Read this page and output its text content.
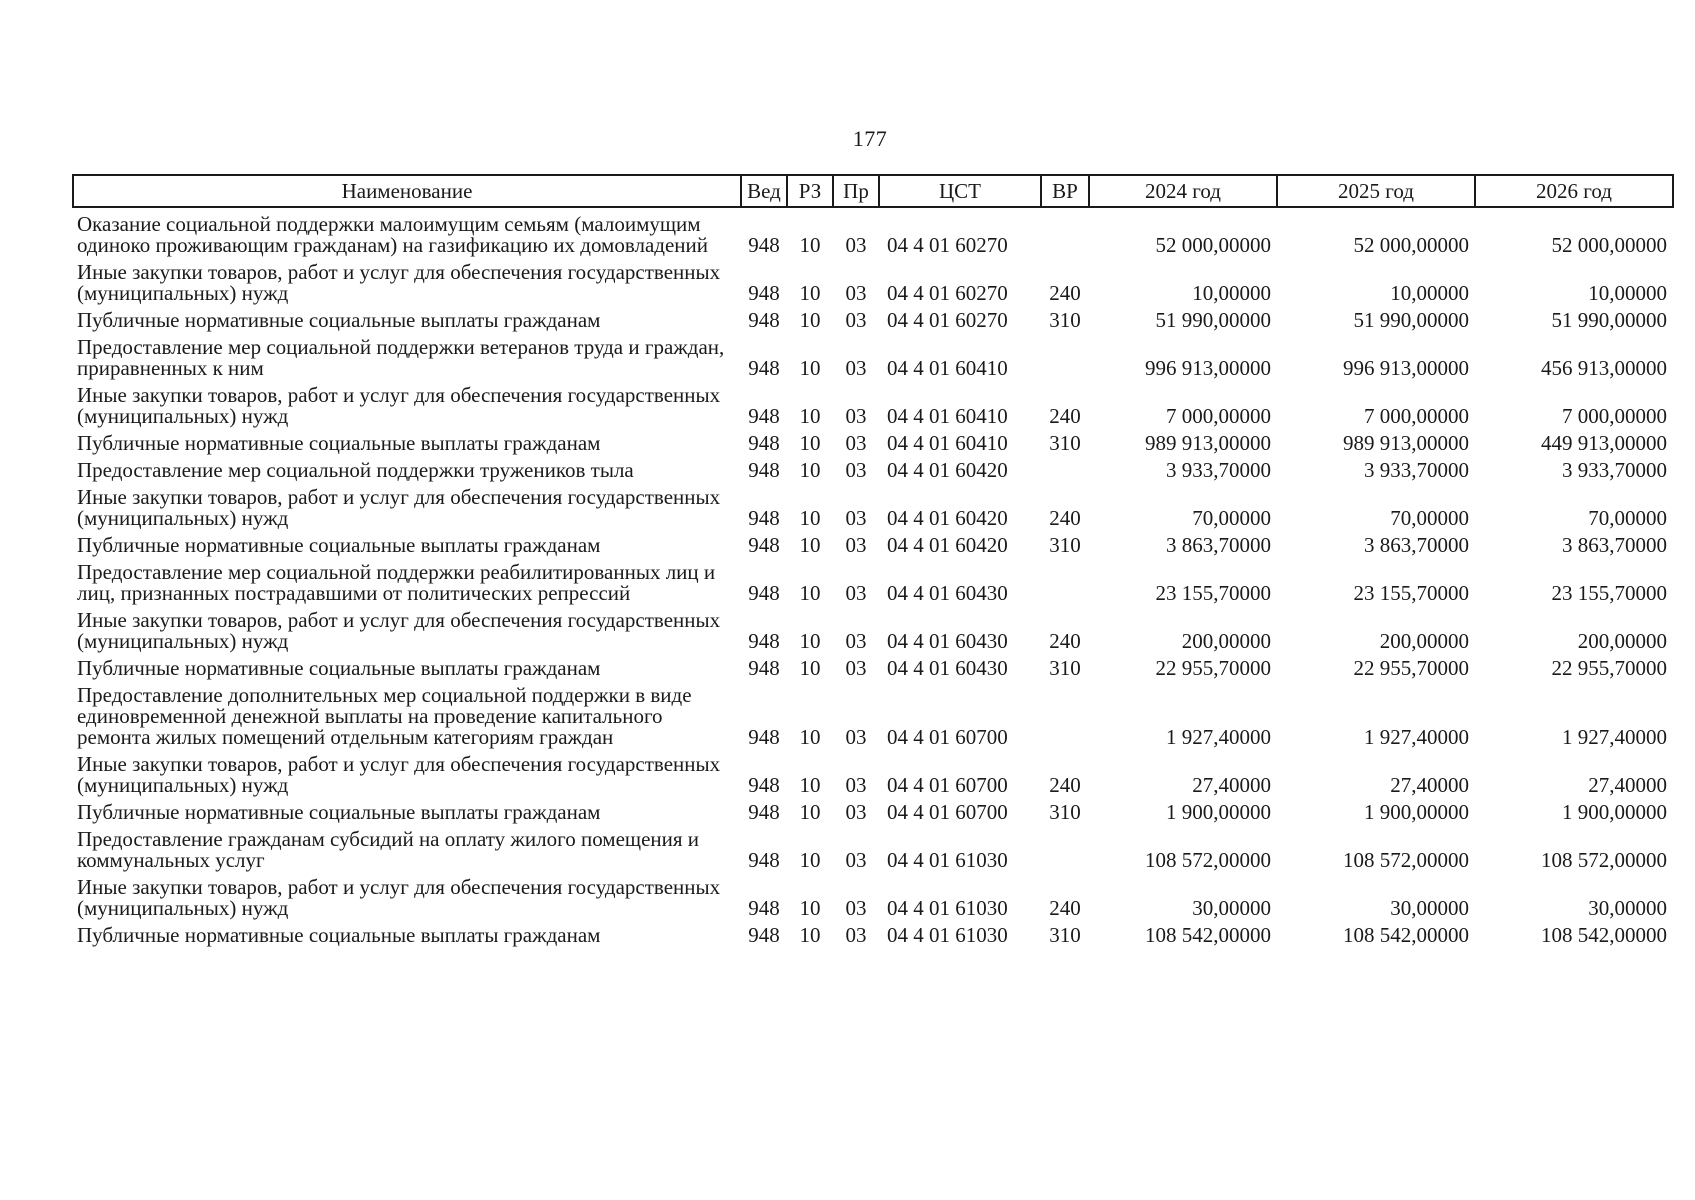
177
Наименование	Вед	РЗ	Пр	ЦСТ	ВР	2024 год	2025 год	2026 год
Оказание социальной поддержки малоимущим семьям (малоимущим одиноко проживающим гражданам) на газификацию их домовладений	948	10	03	04 4 01 60270		52 000,00000	52 000,00000	52 000,00000
Иные закупки товаров, работ и услуг для обеспечения государственных (муниципальных) нужд	948	10	03	04 4 01 60270	240	10,00000	10,00000	10,00000
Публичные нормативные социальные выплаты гражданам	948	10	03	04 4 01 60270	310	51 990,00000	51 990,00000	51 990,00000
Предоставление мер социальной поддержки ветеранов труда и граждан, приравненных к ним	948	10	03	04 4 01 60410		996 913,00000	996 913,00000	456 913,00000
Иные закупки товаров, работ и услуг для обеспечения государственных (муниципальных) нужд	948	10	03	04 4 01 60410	240	7 000,00000	7 000,00000	7 000,00000
Публичные нормативные социальные выплаты гражданам	948	10	03	04 4 01 60410	310	989 913,00000	989 913,00000	449 913,00000
Предоставление мер социальной поддержки тружеников тыла	948	10	03	04 4 01 60420		3 933,70000	3 933,70000	3 933,70000
Иные закупки товаров, работ и услуг для обеспечения государственных (муниципальных) нужд	948	10	03	04 4 01 60420	240	70,00000	70,00000	70,00000
Публичные нормативные социальные выплаты гражданам	948	10	03	04 4 01 60420	310	3 863,70000	3 863,70000	3 863,70000
Предоставление мер социальной поддержки реабилитированных лиц и лиц, признанных пострадавшими от политических репрессий	948	10	03	04 4 01 60430		23 155,70000	23 155,70000	23 155,70000
Иные закупки товаров, работ и услуг для обеспечения государственных (муниципальных) нужд	948	10	03	04 4 01 60430	240	200,00000	200,00000	200,00000
Публичные нормативные социальные выплаты гражданам	948	10	03	04 4 01 60430	310	22 955,70000	22 955,70000	22 955,70000
Предоставление дополнительных мер социальной поддержки в виде единовременной денежной выплаты на проведение капитального ремонта жилых помещений отдельным категориям граждан	948	10	03	04 4 01 60700		1 927,40000	1 927,40000	1 927,40000
Иные закупки товаров, работ и услуг для обеспечения государственных (муниципальных) нужд	948	10	03	04 4 01 60700	240	27,40000	27,40000	27,40000
Публичные нормативные социальные выплаты гражданам	948	10	03	04 4 01 60700	310	1 900,00000	1 900,00000	1 900,00000
Предоставление гражданам субсидий на оплату жилого помещения и коммунальных услуг	948	10	03	04 4 01 61030		108 572,00000	108 572,00000	108 572,00000
Иные закупки товаров, работ и услуг для обеспечения государственных (муниципальных) нужд	948	10	03	04 4 01 61030	240	30,00000	30,00000	30,00000
Публичные нормативные социальные выплаты гражданам	948	10	03	04 4 01 61030	310	108 542,00000	108 542,00000	108 542,00000
